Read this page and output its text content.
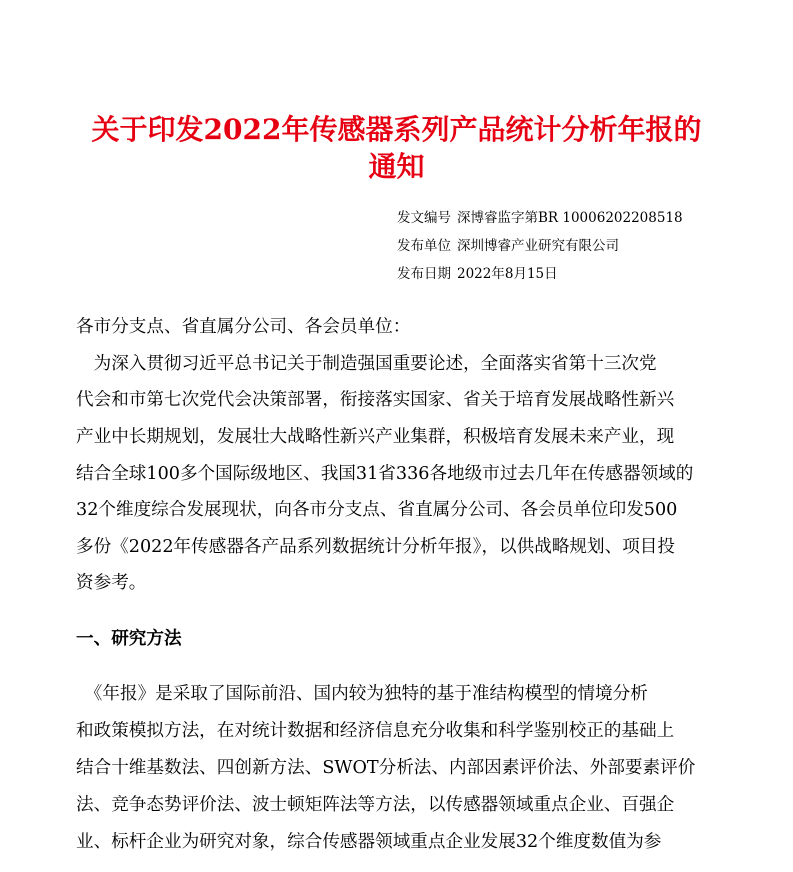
关于印发2022年传感器系列产品统计分析年报的
通知
发文编号 深博睿监字第BR 10006202208518
发布单位 深圳博睿产业研究有限公司
发布日期 2022年8月15日
各市分支点、省直属分公司、各会员单位：
　为深入贯彻习近平总书记关于制造强国重要论述，全面落实省第十三次党
代会和市第七次党代会决策部署，衔接落实国家、省关于培育发展战略性新兴
产业中长期规划，发展壮大战略性新兴产业集群，积极培育发展未来产业，现
结合全球100多个国际级地区、我国31省336各地级市过去几年在传感器领域的
32个维度综合发展现状，向各市分支点、省直属分公司、各会员单位印发500
多份《2022年传感器各产品系列数据统计分析年报》，以供战略规划、项目投
资参考。
一、研究方法
　《年报》是采取了国际前沿、国内较为独特的基于准结构模型的情境分析
和政策模拟方法，在对统计数据和经济信息充分收集和科学鉴别校正的基础上
结合十维基数法、四创新方法、SWOT分析法、内部因素评价法、外部要素评价
法、竞争态势评价法、波士顿矩阵法等方法，以传感器领域重点企业、百强企
业、标杆企业为研究对象，综合传感器领域重点企业发展32个维度数值为参
